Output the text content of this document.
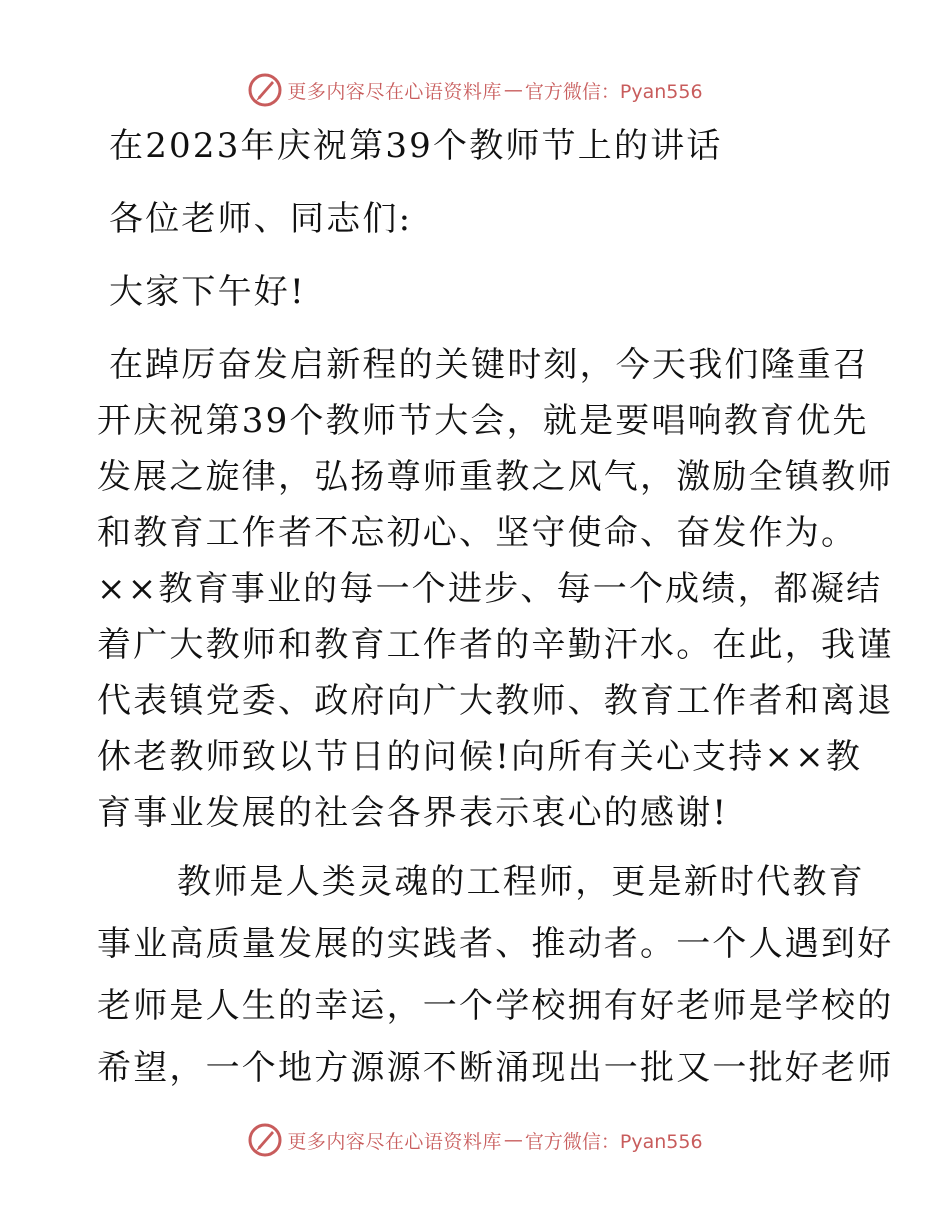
更多内容尽在心语资料库 — 官方微信：Pyan556
在2023年庆祝第39个教师节上的讲话
各位老师、同志们:
大家下午好!
在踔厉奋发启新程的关键时刻，今天我们隆重召
开庆祝第39个教师节大会，就是要唱响教育优先
发展之旋律，弘扬尊师重教之风气，激励全镇教师
和教育工作者不忘初心、坚守使命、奋发作为。
××教育事业的每一个进步、每一个成绩，都凝结
着广大教师和教育工作者的辛勤汗水。在此，我谨
代表镇党委、政府向广大教师、教育工作者和离退
休老教师致以节日的问候!向所有关心支持××教
育事业发展的社会各界表示衷心的感谢!
教师是人类灵魂的工程师，更是新时代教育
事业高质量发展的实践者、推动者。一个人遇到好
老师是人生的幸运，一个学校拥有好老师是学校的
希望，一个地方源源不断涌现出一批又一批好老师
更多内容尽在心语资料库 — 官方微信：Pyan556
